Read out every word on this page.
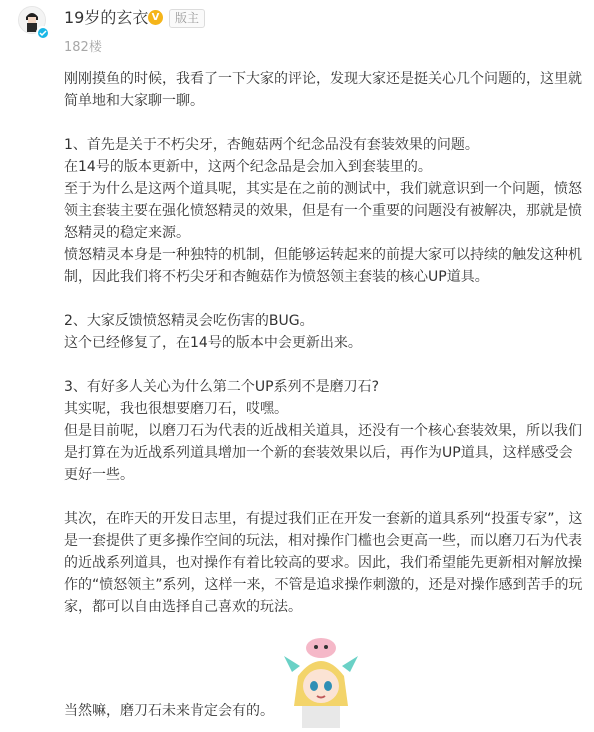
19岁的玄衣 V	版主
182楼

刚刚摸鱼的时候，我看了一下大家的评论，发现大家还是挺关心几个问题的，这里就简单地和大家聊一聊。

1、首先是关于不朽尖牙，杏鲍菇两个纪念品没有套装效果的问题。

在14号的版本更新中，这两个纪念品是会加入到套装里的。

至于为什么是这两个道具呢，其实是在之前的测试中，我们就意识到一个问题，愤怒领主套装主要在强化愤怒精灵的效果，但是有一个重要的问题没有被解决，那就是愤怒精灵的稳定来源。

愤怒精灵本身是一种独特的机制，但能够运转起来的前提大家可以持续的触发这种机制，因此我们将不朽尖牙和杏鲍菇作为愤怒领主套装的核心UP道具。

2、大家反馈愤怒精灵会吃伤害的BUG。

这个已经修复了，在14号的版本中会更新出来。

3、有好多人关心为什么第二个UP系列不是磨刀石?

其实呢，我也很想要磨刀石，哎嘿。

但是目前呢，以磨刀石为代表的近战相关道具，还没有一个核心套装效果，所以我们是打算在为近战系列道具增加一个新的套装效果以后，再作为UP道具，这样感受会更好一些。

其次，在昨天的开发日志里，有提过我们正在开发一套新的道具系列“投蛋专家”，这是一套提供了更多操作空间的玩法，相对操作门槛也会更高一些，而以磨刀石为代表的近战系列道具，也对操作有着比较高的要求。因此，我们希望能先更新相对解放操作的“愤怒领主”系列，这样一来，不管是追求操作刺激的，还是对操作感到苦手的玩家，都可以自由选择自己喜欢的玩法。

当然嘛，磨刀石未来肯定会有的。
